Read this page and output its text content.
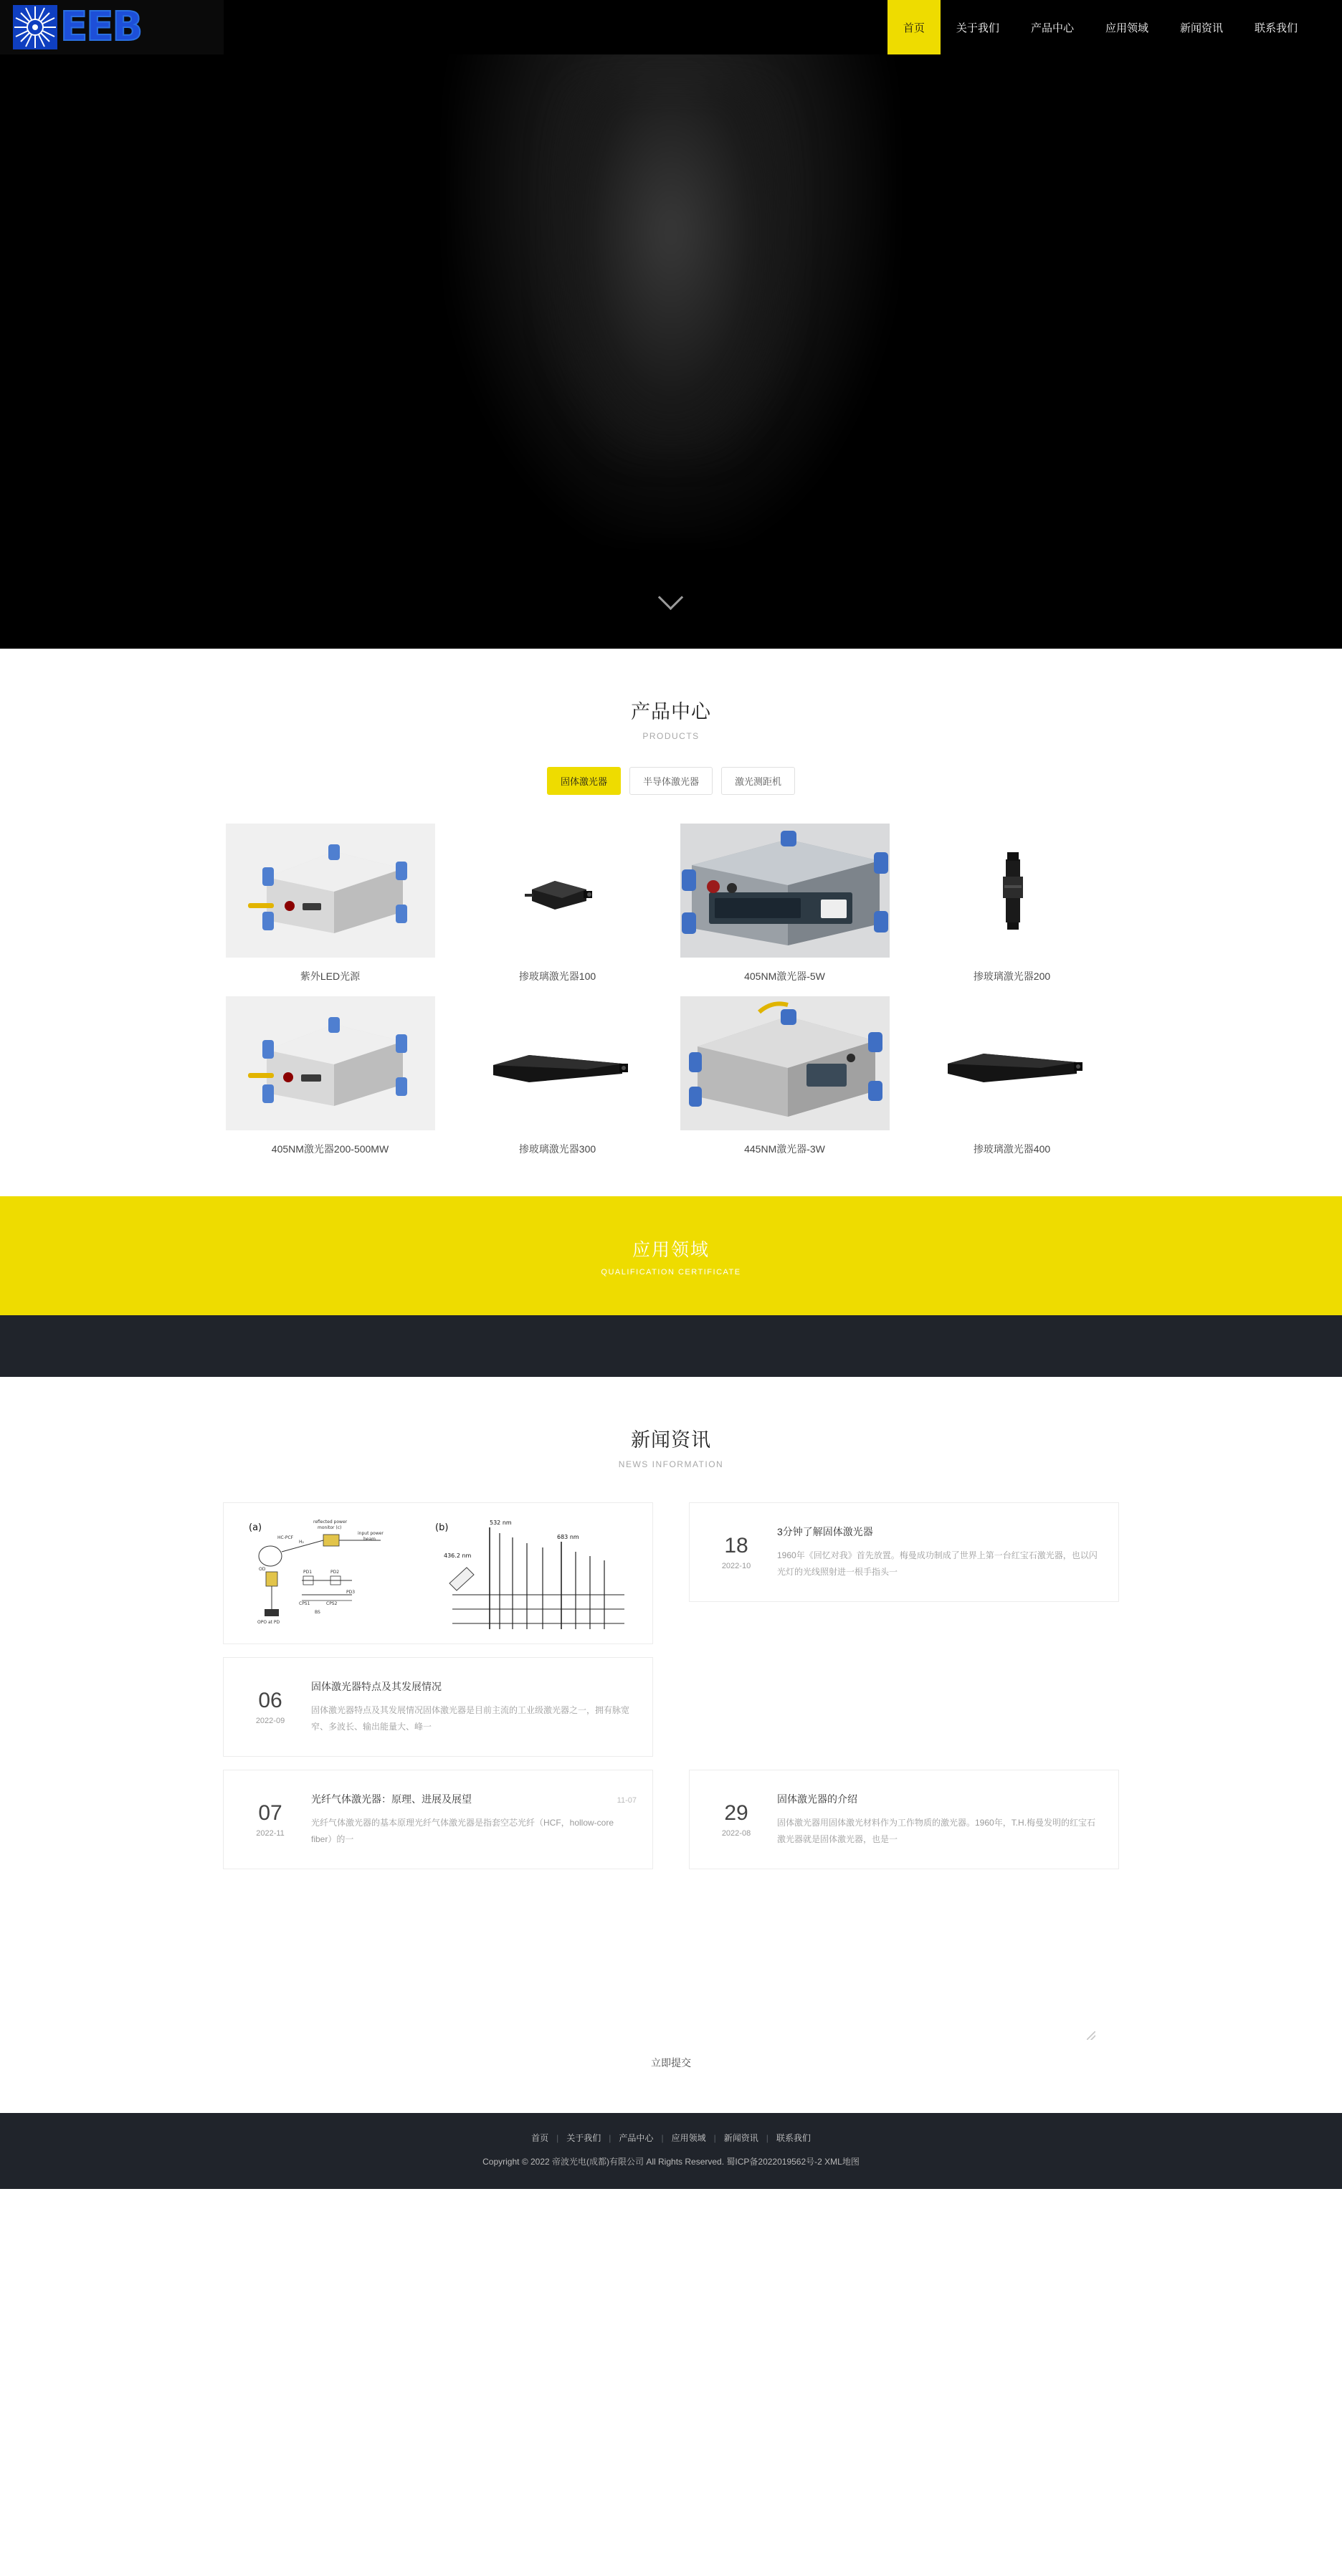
EEB	首页	关于我们	产品中心	应用领域	新闻资讯	联系我们
产品中心
PRODUCTS
固体激光器	半导体激光器	激光测距机
紫外LED光源	掺玻璃激光器100	405NM激光器-5W	掺玻璃激光器200
405NM激光器200-500MW	掺玻璃激光器300	445NM激光器-3W	掺玻璃激光器400
应用领域
QUALIFICATION CERTIFICATE
新闻资讯
NEWS INFORMATION
(a)	(b)
reflected power
monitor (c)
HC-PCF
H₂
input power
beam
OD
OPO at PD
PD1	PD2
PD3
CPS1	CPS2
BS
532 nm
683 nm
436.2 nm	18
2022-10
3分钟了解固体激光器
1960年《回忆对我》首先放置。梅曼成功制成了世界上第一台红宝石激光器，也以闪光灯的光线照射进一根手指头一
06
2022-09
固体激光器特点及其发展情况
固体激光器特点及其发展情况固体激光器是目前主流的工业级激光器之一，拥有脉宽窄、多波长、输出能量大、峰一
07
2022-11
光纤气体激光器：原理、进展及展望	11-07
光纤气体激光器的基本原理光纤气体激光器是指套空芯光纤（HCF，hollow-core fiber）的一
29
2022-08
固体激光器的介绍
固体激光器用固体激光材料作为工作物质的激光器。1960年，T.H.梅曼发明的红宝石激光器就是固体激光器，也是一
立即提交
首页 | 关于我们 | 产品中心 | 应用领域 | 新闻资讯 | 联系我们
Copyright © 2022 帝波光电(成都)有限公司 All Rights Reserved. 蜀ICP备2022019562号-2 XML地图
